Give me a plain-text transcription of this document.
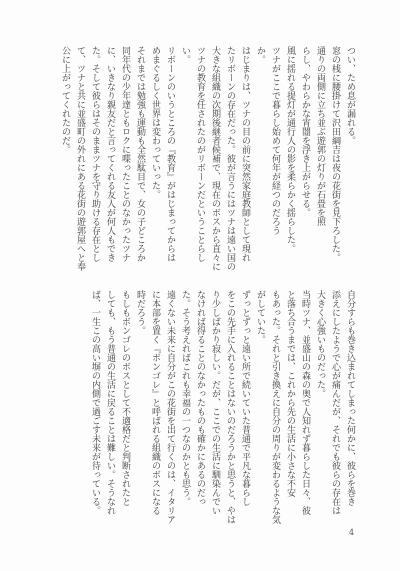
つい、ため息が漏れる。
窓の桟に腰掛けて沢田綱吉は夜の花街を見下ろした。
通りの両側に立ち並ぶ遊郭の灯りが石畳を照
らし、やわらかな宵闇を浮き上がらせる。
風に揺れる提灯が通行人の影を柔らかく揺らした。
ツナがここで暮らし始めて何年が経つのだろう
か。
はじまりは、ツナの目の前に突然家庭教師として現れ
たリボーンの存在だった。彼が言うにはツナは遠い国の
大きな組織の次期後継者候補で、現在のボスから直々に
ツナの教育を任されたのがリボーンだということらし
い。
リボーンのいうところの『教育』がはじまってからは
めまぐるしく世界は変わっていった。
それまでは勉強も運動も全然駄目で、女の子どころか
同年代の少年達ともロクに喋ったことのなかったツナ
に、いきなり親友だと言ってくれる友人が何人もでき
た。そして彼らはそのままツナを守り助ける存在とし
て、ツナと共に並盛町の外れにある花街の遊郭屋へと奉
公に上がってくれたのだ。
自分すらも巻き込まれてしまった何かに、彼らを巻き
添えにしたようで心が痛んだが、それでも彼らの存在は
大きく心強いものだった。
当時ツナ、並盛山の森の奥で人知れず暮らした日々、彼
と落ち合うまでは、これから先の生活に小さな不安
もあった。それと引き換えに自分の周りが変わるような気
がしていた。
ずっとずっと遠い所で続いていた普通で平凡な暮らし
をこの先手に入れることはないのだろうかと思うと、やは
り少しばかり寂しい。だが、ここでの生活に馴染んでい
なければ得ることのなかったものも確かにあるのだっ
た。そう考えればこれも幸福の一つなのかとも思う。
遠くない未来に自分がこの花街を出て行くのは、イタリア
に本部を置く『ボンゴレ』と呼ばれる組織のボスになる
時だろう。
もしもボンゴレのボスとして不適格だと判断されたと
しても、もう普通の生活に戻ることは難しい。そうなれ
ば、一生この高い塀の内側で過ごす未来が待っている。
4
